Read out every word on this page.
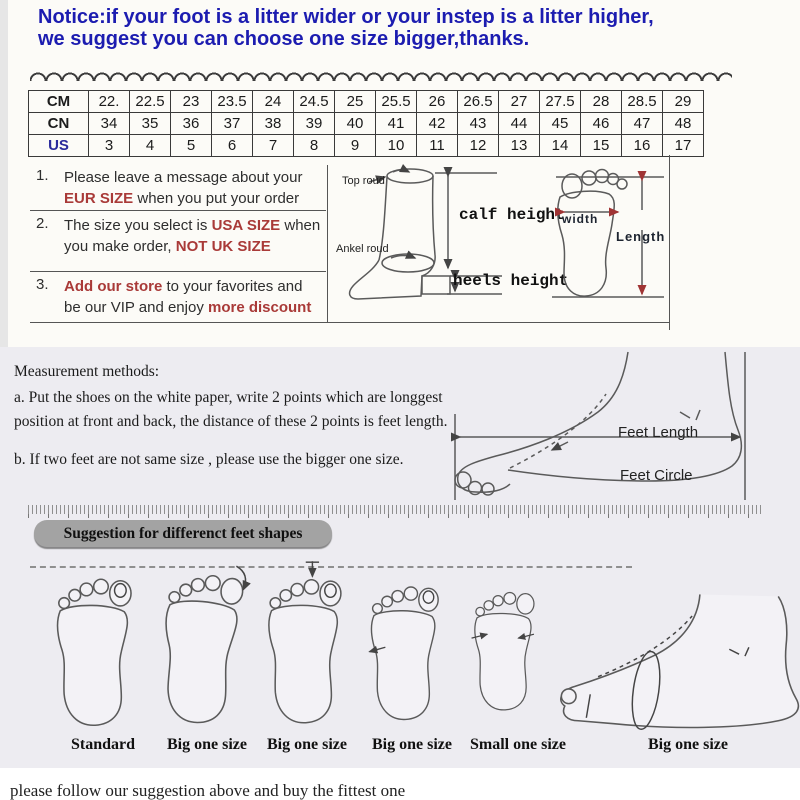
Notice:if your foot is a litter wider or your instep is a litter higher,
we suggest you can choose one size bigger,thanks.
CM	22.	22.5	23	23.5	24	24.5	25	25.5	26	26.5	27	27.5	28	28.5	29
CN	34	35	36	37	38	39	40	41	42	43	44	45	46	47	48
US	3	4	5	6	7	8	9	10	11	12	13	14	15	16	17
1.	Please leave a message about your EUR SIZE when you put your order

2.	The size you select is USA SIZE when you make order, NOT UK SIZE

3.	Add our store to your favorites and be our VIP and enjoy more discount

Top roud
calf height
Ankel roud
heels height
width
Length
Measurement methods:
a. Put the shoes on the white paper, write 2 points which are longgest
position at front and back, the distance of these 2 points is feet length.
b. If two feet are not same size , please use the bigger one size.
Feet Length
Feet Circle
Suggestion for differenct feet shapes
Standard	Big one size	Big one size	Big one size	Small one size	Big one size
please follow our suggestion above and buy the fittest one
